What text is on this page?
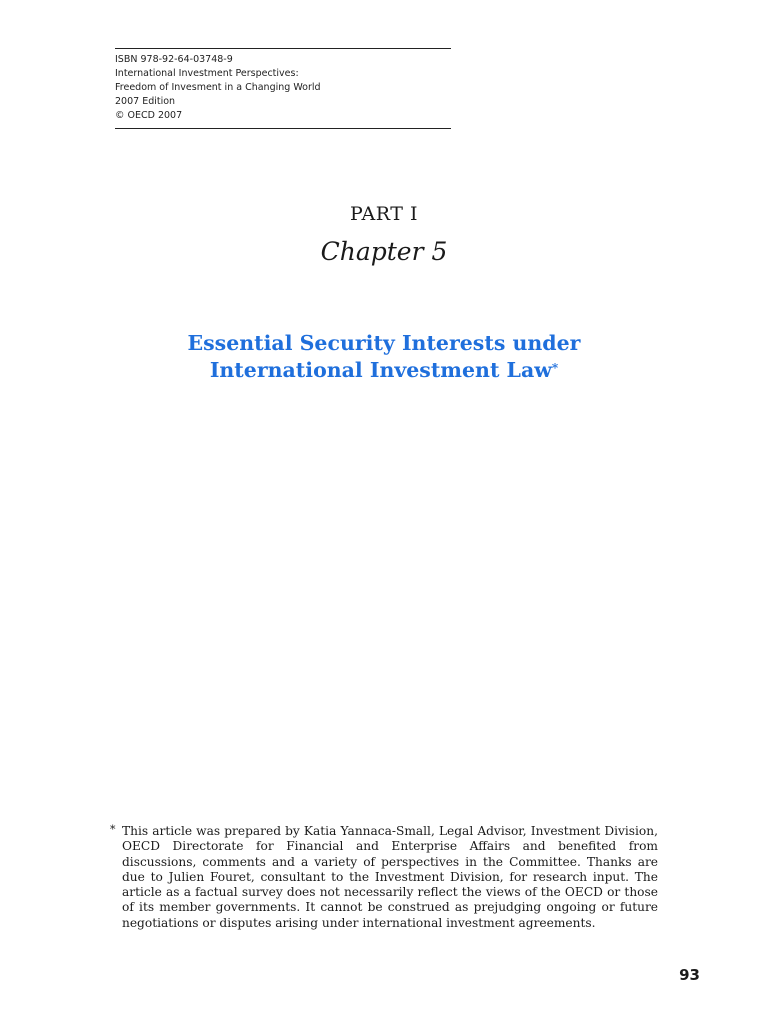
ISBN 978-92-64-03748-9
International Investment Perspectives:
Freedom of Invesment in a Changing World
2007 Edition
© OECD 2007
PART I
Chapter 5
Essential Security Interests under
International Investment Law*
* This article was prepared by Katia Yannaca-Small, Legal Advisor, Investment Division, OECD Directorate for Financial and Enterprise Affairs and benefited from discussions, comments and a variety of perspectives in the Committee. Thanks are due to Julien Fouret, consultant to the Investment Division, for research input. The article as a factual survey does not necessarily reflect the views of the OECD or those of its member governments. It cannot be construed as prejudging ongoing or future negotiations or disputes arising under international investment agreements.
93
